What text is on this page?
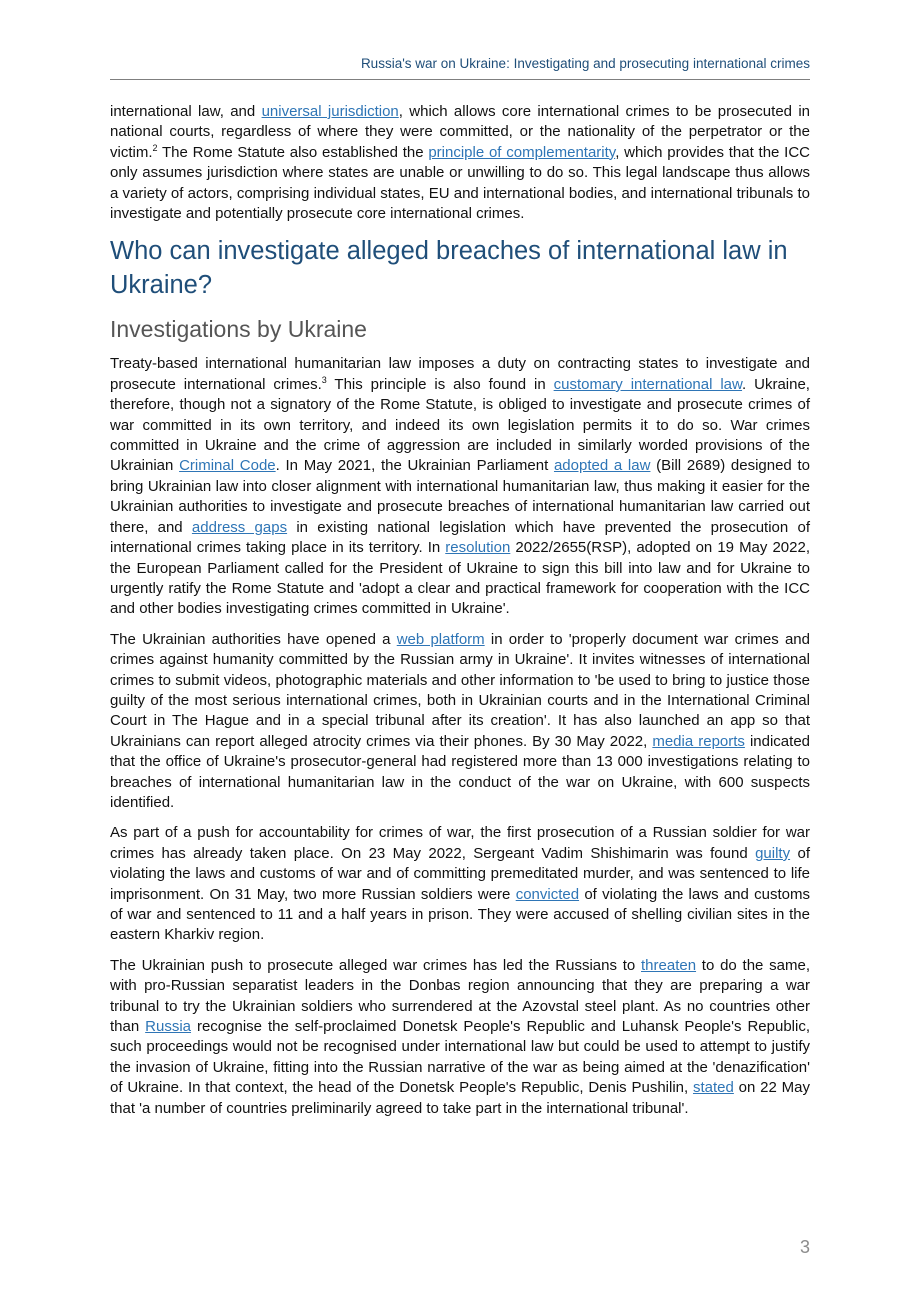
Russia's war on Ukraine: Investigating and prosecuting international crimes

international law, and universal jurisdiction, which allows core international crimes to be prosecuted in national courts, regardless of where they were committed, or the nationality of the perpetrator or the victim.$^2$ The Rome Statute also established the principle of complementarity, which provides that the ICC only assumes jurisdiction where states are unable or unwilling to do so. This legal landscape thus allows a variety of actors, comprising individual states, EU and international bodies, and international tribunals to investigate and potentially prosecute core international crimes.

Who can investigate alleged breaches of international law in Ukraine?
Investigations by Ukraine

Treaty-based international humanitarian law imposes a duty on contracting states to investigate and prosecute international crimes.$^3$ This principle is also found in customary international law. Ukraine, therefore, though not a signatory of the Rome Statute, is obliged to investigate and prosecute crimes of war committed in its own territory, and indeed its own legislation permits it to do so. War crimes committed in Ukraine and the crime of aggression are included in similarly worded provisions of the Ukrainian Criminal Code. In May 2021, the Ukrainian Parliament adopted a law (Bill 2689) designed to bring Ukrainian law into closer alignment with international humanitarian law, thus making it easier for the Ukrainian authorities to investigate and prosecute breaches of international humanitarian law carried out there, and address gaps in existing national legislation which have prevented the prosecution of international crimes taking place in its territory. In resolution 2022/2655(RSP), adopted on 19 May 2022, the European Parliament called for the President of Ukraine to sign this bill into law and for Ukraine to urgently ratify the Rome Statute and 'adopt a clear and practical framework for cooperation with the ICC and other bodies investigating crimes committed in Ukraine'.

The Ukrainian authorities have opened a web platform in order to 'properly document war crimes and crimes against humanity committed by the Russian army in Ukraine'. It invites witnesses of international crimes to submit videos, photographic materials and other information to 'be used to bring to justice those guilty of the most serious international crimes, both in Ukrainian courts and in the International Criminal Court in The Hague and in a special tribunal after its creation'. It has also launched an app so that Ukrainians can report alleged atrocity crimes via their phones. By 30 May 2022, media reports indicated that the office of Ukraine's prosecutor-general had registered more than 13 000 investigations relating to breaches of international humanitarian law in the conduct of the war on Ukraine, with 600 suspects identified.

As part of a push for accountability for crimes of war, the first prosecution of a Russian soldier for war crimes has already taken place. On 23 May 2022, Sergeant Vadim Shishimarin was found guilty of violating the laws and customs of war and of committing premeditated murder, and was sentenced to life imprisonment. On 31 May, two more Russian soldiers were convicted of violating the laws and customs of war and sentenced to 11 and a half years in prison. They were accused of shelling civilian sites in the eastern Kharkiv region.

The Ukrainian push to prosecute alleged war crimes has led the Russians to threaten to do the same, with pro-Russian separatist leaders in the Donbas region announcing that they are preparing a war tribunal to try the Ukrainian soldiers who surrendered at the Azovstal steel plant. As no countries other than Russia recognise the self-proclaimed Donetsk People's Republic and Luhansk People's Republic, such proceedings would not be recognised under international law but could be used to attempt to justify the invasion of Ukraine, fitting into the Russian narrative of the war as being aimed at the 'denazification' of Ukraine. In that context, the head of the Donetsk People's Republic, Denis Pushilin, stated on 22 May that 'a number of countries preliminarily agreed to take part in the international tribunal'.

3
